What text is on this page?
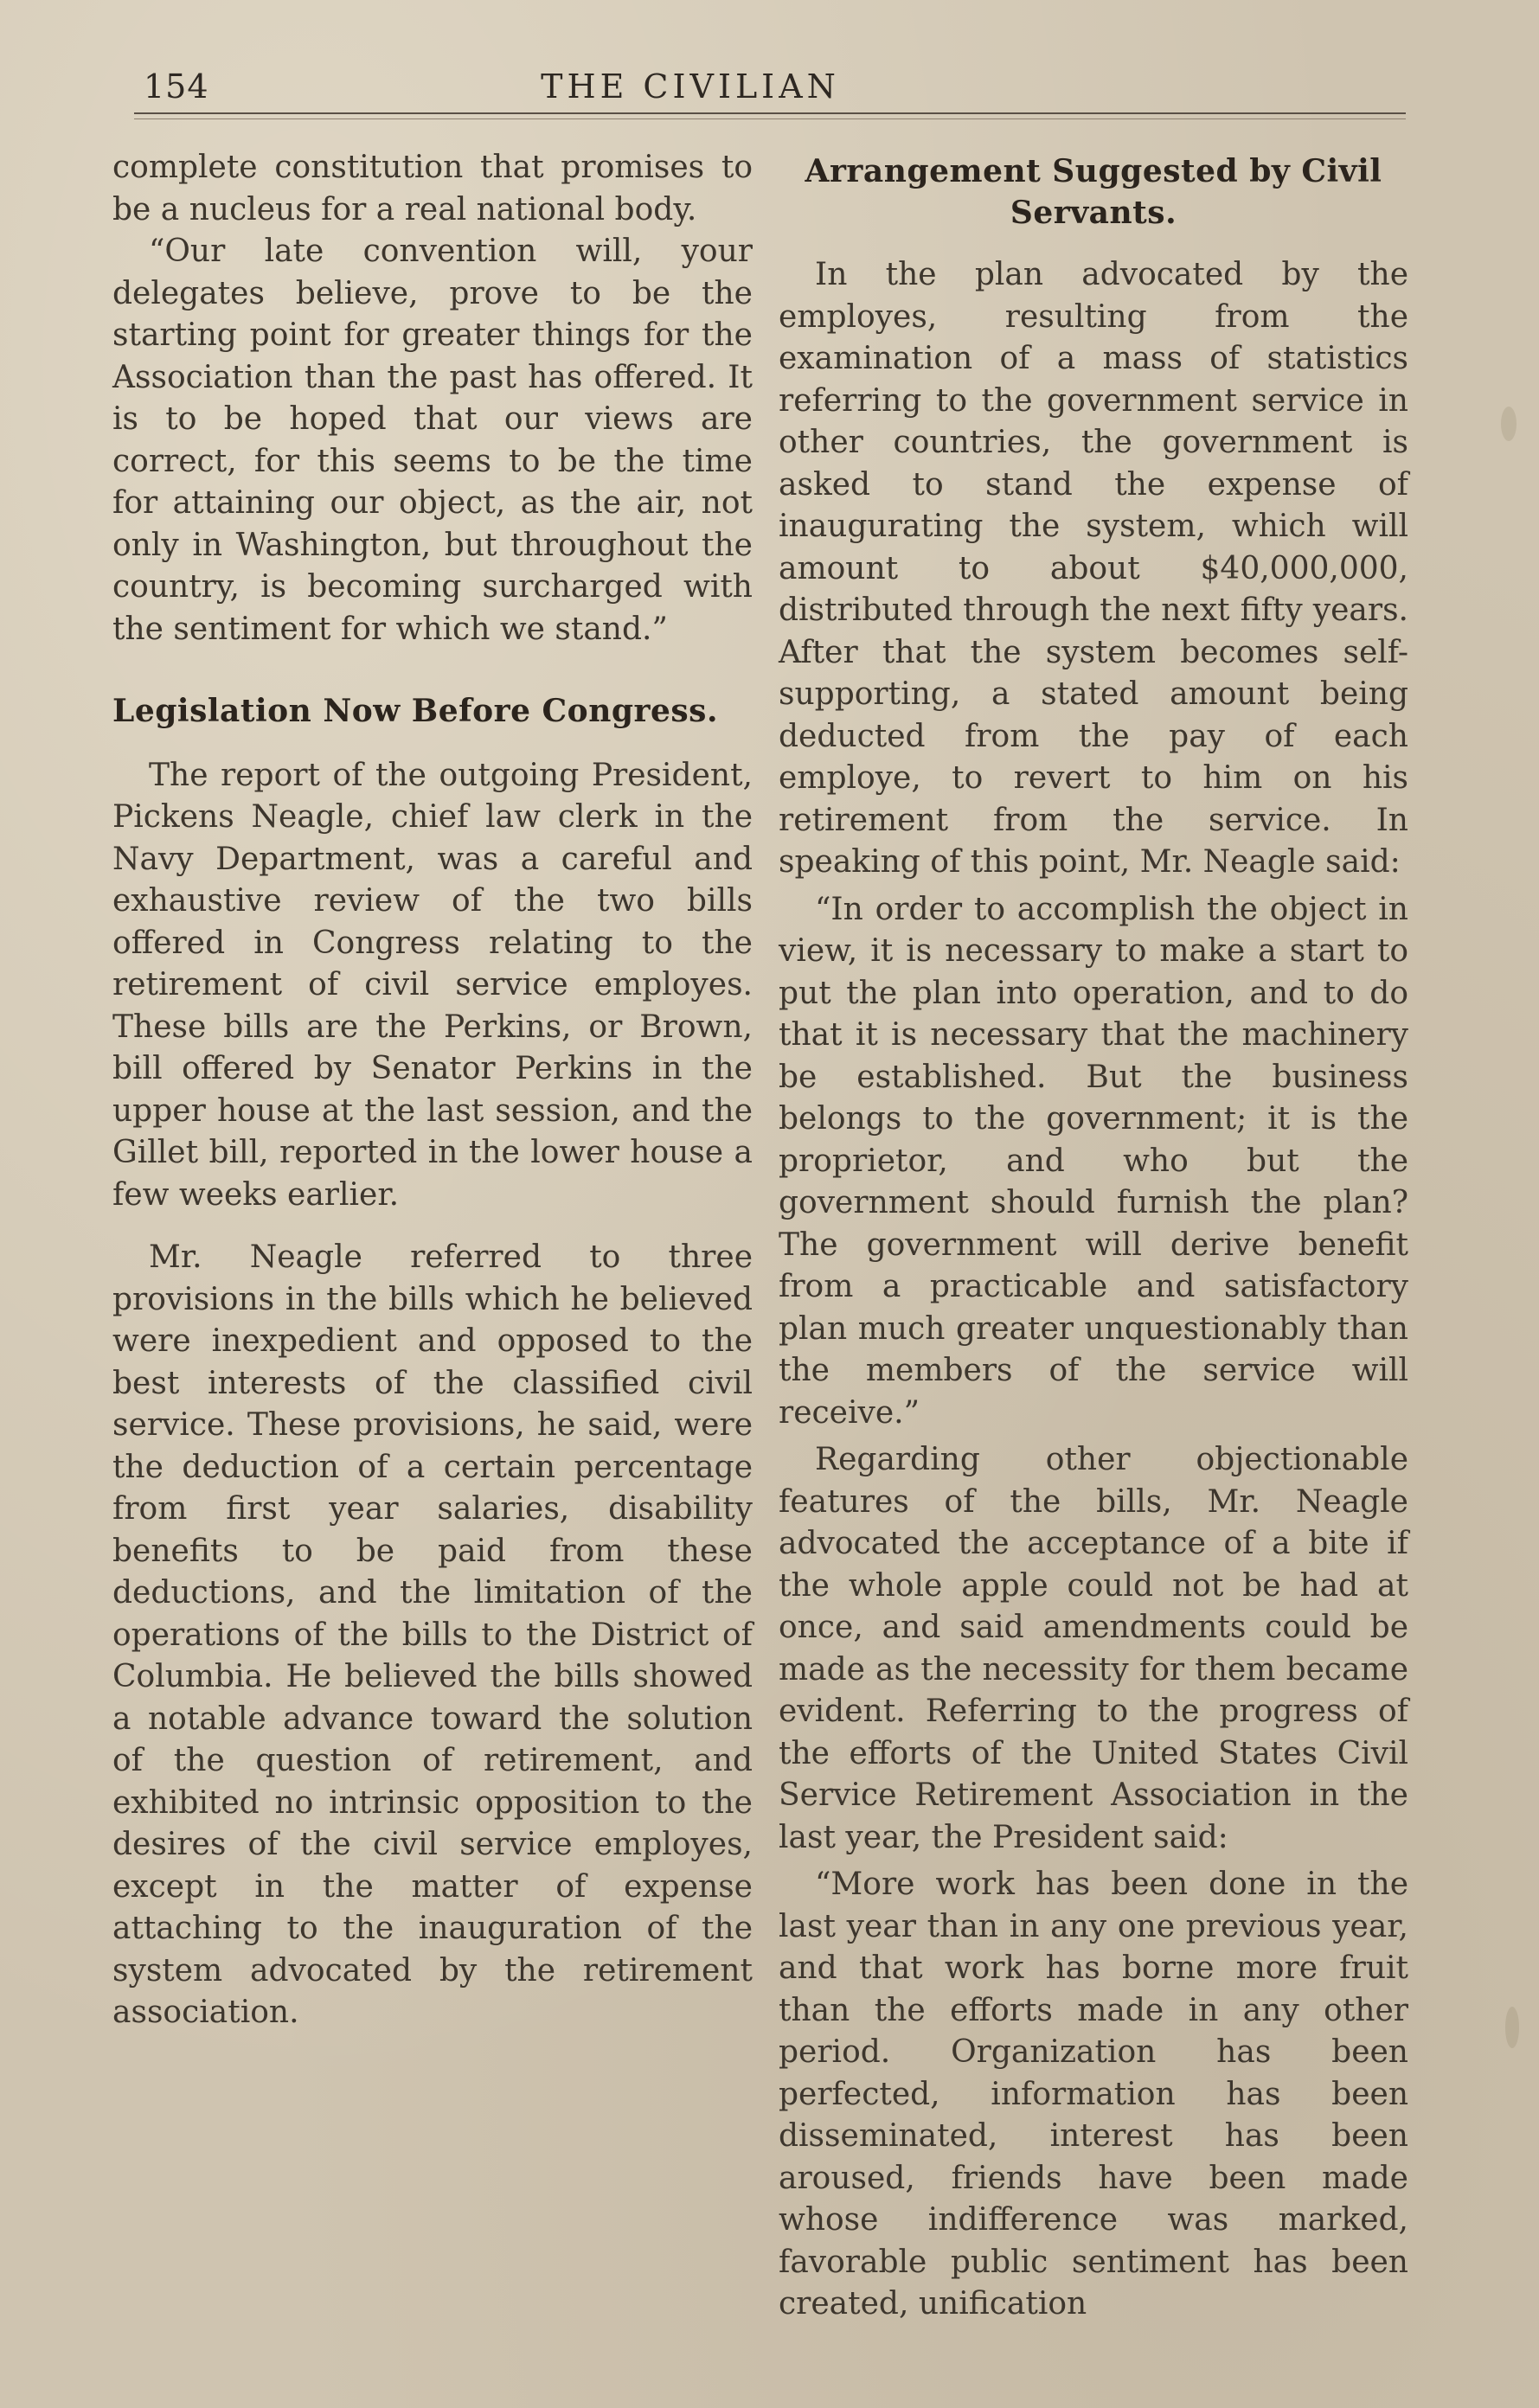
154	THE CIVILIAN

complete constitution that promises to be a nucleus for a real national body.

“Our late convention will, your delegates believe, prove to be the starting point for greater things for the Association than the past has offered. It is to be hoped that our views are correct, for this seems to be the time for attaining our object, as the air, not only in Washington, but throughout the country, is becoming surcharged with the sentiment for which we stand.”

Legislation Now Before Congress.

The report of the outgoing President, Pickens Neagle, chief law clerk in the Navy Department, was a careful and exhaustive review of the two bills offered in Congress relating to the retirement of civil service employes. These bills are the Perkins, or Brown, bill offered by Senator Perkins in the upper house at the last session, and the Gillet bill, reported in the lower house a few weeks earlier.

Mr. Neagle referred to three provisions in the bills which he believed were inexpedient and opposed to the best interests of the classified civil service. These provisions, he said, were the deduction of a certain percentage from first year salaries, disability benefits to be paid from these deductions, and the limitation of the operations of the bills to the District of Columbia. He believed the bills showed a notable advance toward the solution of the question of retirement, and exhibited no intrinsic opposition to the desires of the civil service employes, except in the matter of expense attaching to the inauguration of the system advocated by the retirement association.

Arrangement Suggested by Civil Servants.

In the plan advocated by the employes, resulting from the examination of a mass of statistics referring to the government service in other countries, the government is asked to stand the expense of inaugurating the system, which will amount to about $40,000,000, distributed through the next fifty years. After that the system becomes self-supporting, a stated amount being deducted from the pay of each employe, to revert to him on his retirement from the service. In speaking of this point, Mr. Neagle said:

“In order to accomplish the object in view, it is necessary to make a start to put the plan into operation, and to do that it is necessary that the machinery be established. But the business belongs to the government; it is the proprietor, and who but the government should furnish the plan? The government will derive benefit from a practicable and satisfactory plan much greater unquestionably than the members of the service will receive.”

Regarding other objectionable features of the bills, Mr. Neagle advocated the acceptance of a bite if the whole apple could not be had at once, and said amendments could be made as the necessity for them became evident. Referring to the progress of the efforts of the United States Civil Service Retirement Association in the last year, the President said:

“More work has been done in the last year than in any one previous year, and that work has borne more fruit than the efforts made in any other period. Organization has been perfected, information has been disseminated, interest has been aroused, friends have been made whose indifference was marked, favorable public sentiment has been created, unification
